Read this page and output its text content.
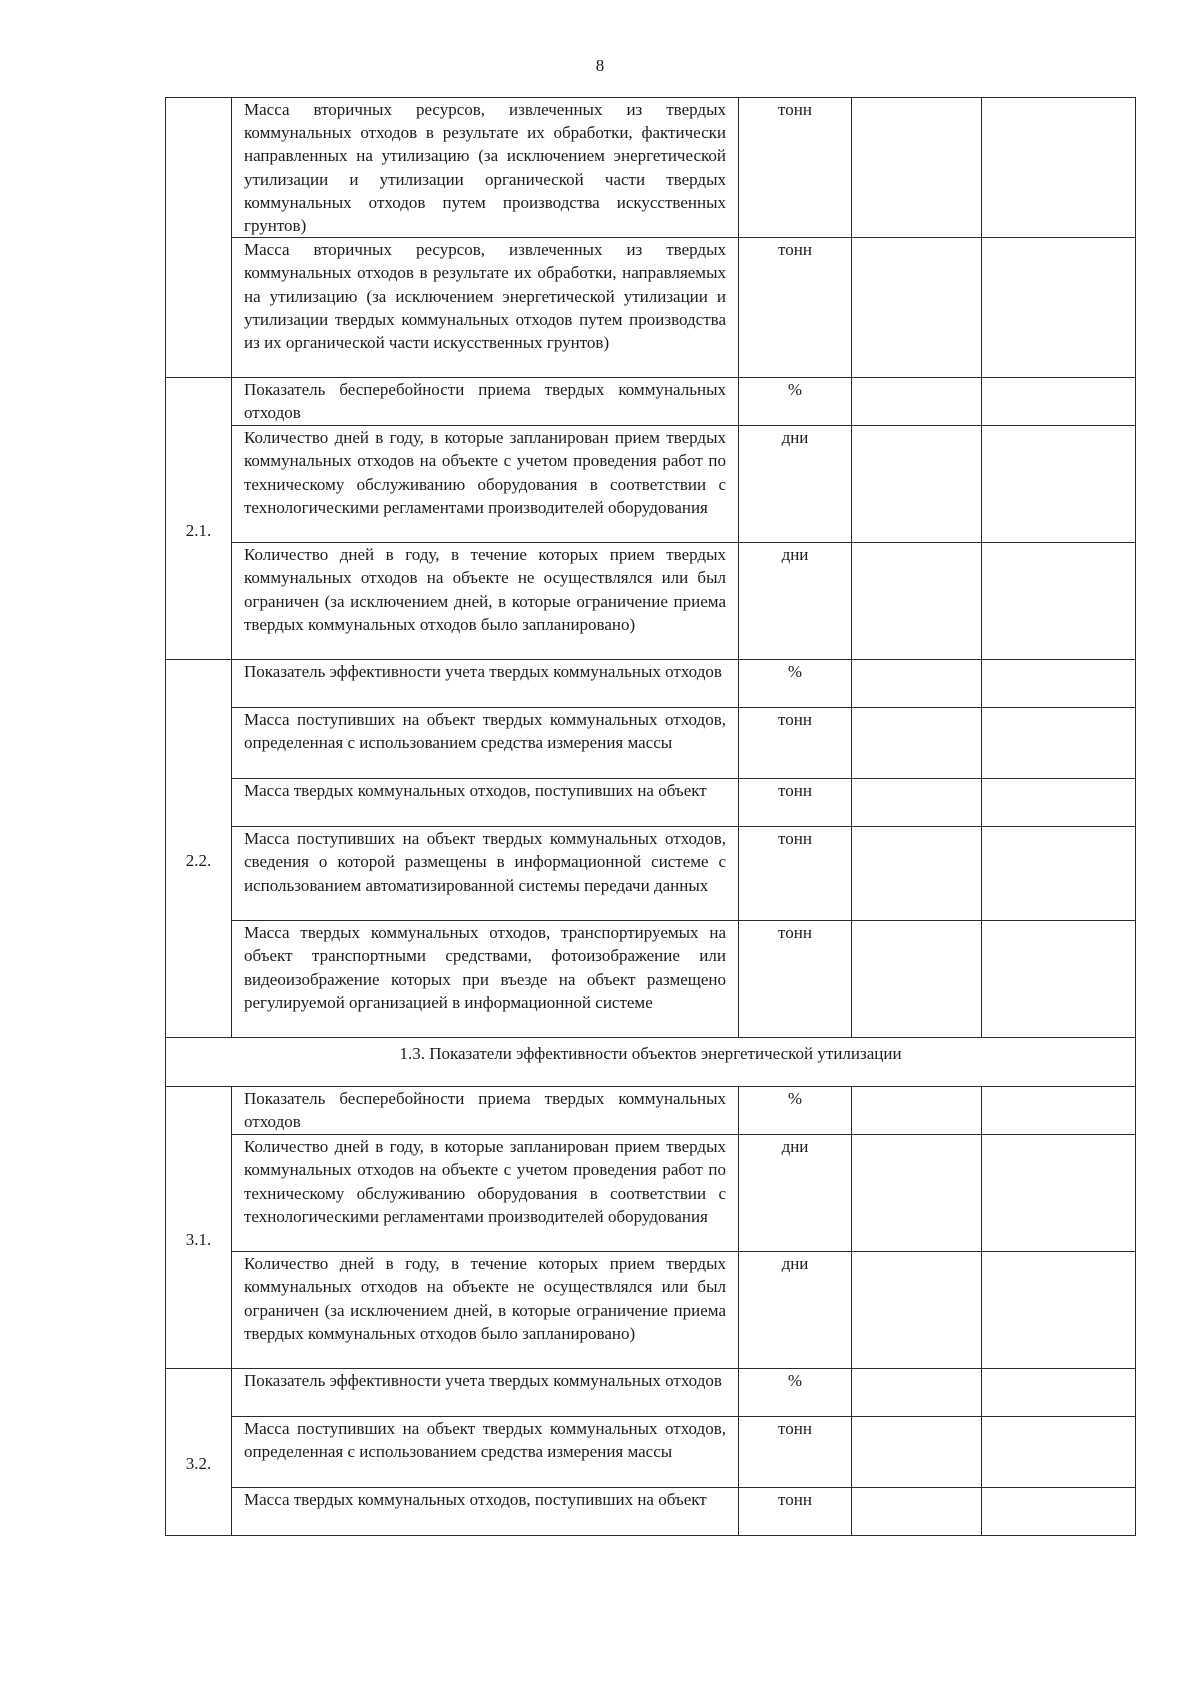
8
	Масса вторичных ресурсов, извлеченных из твердых коммунальных отходов в результате их обработки, фактически направленных на утилизацию (за исключением энергетической утилизации и утилизации органической части твердых коммунальных отходов путем производства искусственных грунтов)	тонн		
	Масса вторичных ресурсов, извлеченных из твердых коммунальных отходов в результате их обработки, направляемых на утилизацию (за исключением энергетической утилизации и утилизации твердых коммунальных отходов путем производства из их органической части искусственных грунтов)	тонн		
2.1.	Показатель бесперебойности приема твердых коммунальных отходов	%		
	Количество дней в году, в которые запланирован прием твердых коммунальных отходов на объекте с учетом проведения работ по техническому обслуживанию оборудования в соответствии с технологическими регламентами производителей оборудования	дни		
	Количество дней в году, в течение которых прием твердых коммунальных отходов на объекте не осуществлялся или был ограничен (за исключением дней, в которые ограничение приема твердых коммунальных отходов было запланировано)	дни		
2.2.	Показатель эффективности учета твердых коммунальных отходов	%		
	Масса поступивших на объект твердых коммунальных отходов, определенная с использованием средства измерения массы	тонн		
	Масса твердых коммунальных отходов, поступивших на объект	тонн		
	Масса поступивших на объект твердых коммунальных отходов, сведения о которой размещены в информационной системе с использованием автоматизированной системы передачи данных	тонн		
	Масса твердых коммунальных отходов, транспортируемых на объект транспортными средствами, фотоизображение или видеоизображение которых при въезде на объект размещено регулируемой организацией в информационной системе	тонн		
1.3. Показатели эффективности объектов энергетической утилизации				
3.1.	Показатель бесперебойности приема твердых коммунальных отходов	%		
	Количество дней в году, в которые запланирован прием твердых коммунальных отходов на объекте с учетом проведения работ по техническому обслуживанию оборудования в соответствии с технологическими регламентами производителей оборудования	дни		
	Количество дней в году, в течение которых прием твердых коммунальных отходов на объекте не осуществлялся или был ограничен (за исключением дней, в которые ограничение приема твердых коммунальных отходов было запланировано)	дни		
3.2.	Показатель эффективности учета твердых коммунальных отходов	%		
	Масса поступивших на объект твердых коммунальных отходов, определенная с использованием средства измерения массы	тонн		
	Масса твердых коммунальных отходов, поступивших на объект	тонн		
